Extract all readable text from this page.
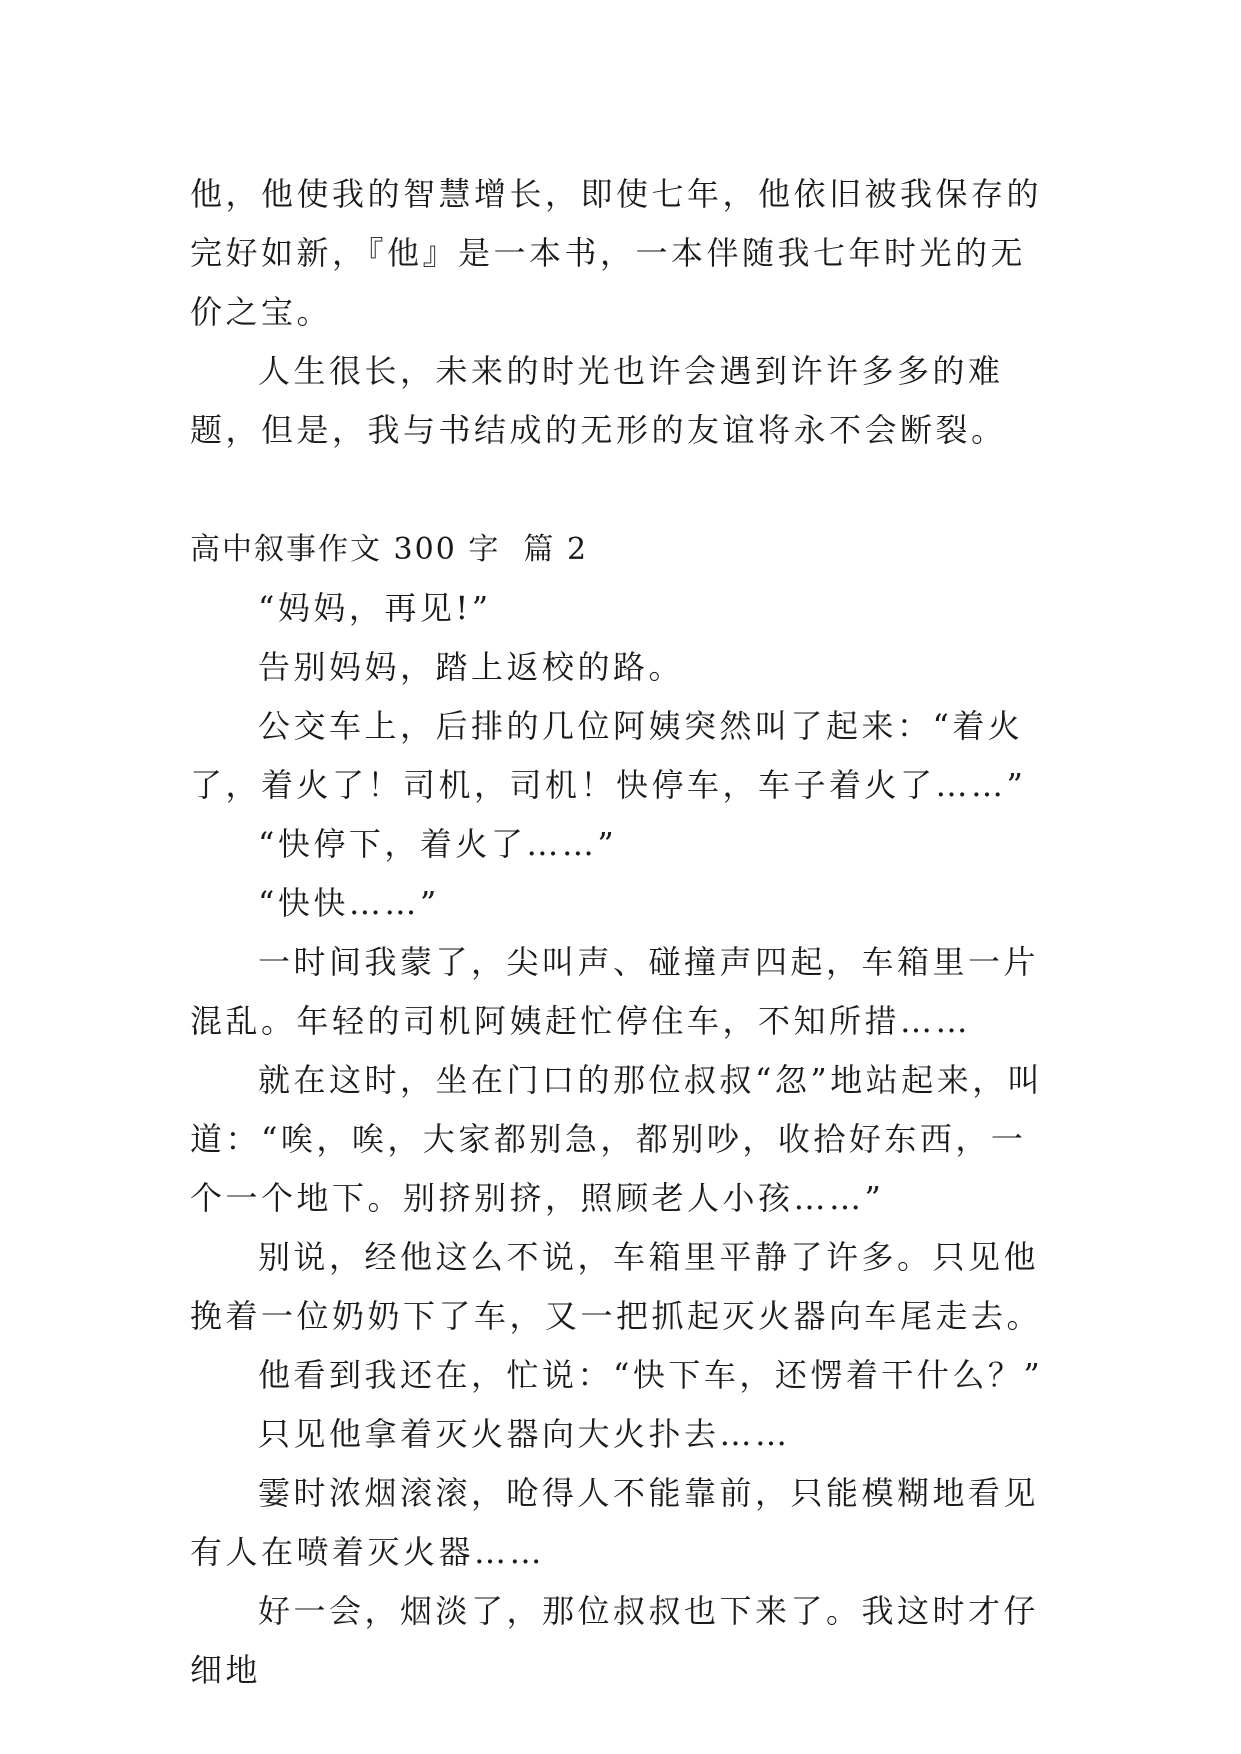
他，他使我的智慧增长，即使七年，他依旧被我保存的完好如新，『他』是一本书，一本伴随我七年时光的无价之宝。

人生很长，未来的时光也许会遇到许许多多的难题，但是，我与书结成的无形的友谊将永不会断裂。

高中叙事作文 300 字  篇 2

“妈妈，再见!”

告别妈妈，踏上返校的路。

公交车上，后排的几位阿姨突然叫了起来：“着火了，着火了！司机，司机！快停车，车子着火了……”

“快停下，着火了……”

“快快……”

一时间我蒙了，尖叫声、碰撞声四起，车箱里一片混乱。年轻的司机阿姨赶忙停住车，不知所措……

就在这时，坐在门口的那位叔叔“忽”地站起来，叫道：“唉，唉，大家都别急，都别吵，收拾好东西，一个一个地下。别挤别挤，照顾老人小孩……”

别说，经他这么不说，车箱里平静了许多。只见他挽着一位奶奶下了车，又一把抓起灭火器向车尾走去。

他看到我还在，忙说：“快下车，还愣着干什么？”

只见他拿着灭火器向大火扑去……

霎时浓烟滚滚，呛得人不能靠前，只能模糊地看见有人在喷着灭火器……

好一会，烟淡了，那位叔叔也下来了。我这时才仔细地
